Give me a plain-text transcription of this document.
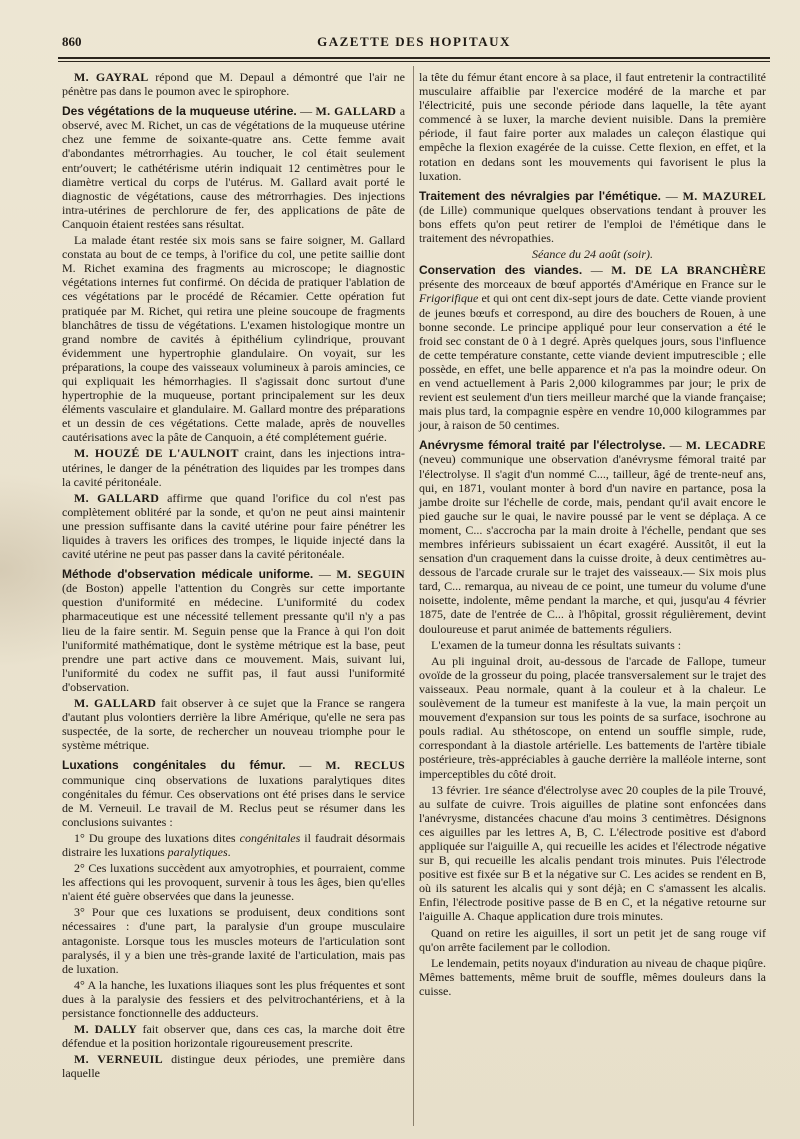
860	GAZETTE DES HOPITAUX

M. GAYRAL répond que M. Depaul a démontré que l'air ne pénètre pas dans le poumon avec le spirophore.

Des végétations de la muqueuse utérine. — M. GALLARD a observé, avec M. Richet, un cas de végétations de la muqueuse utérine chez une femme de soixante-quatre ans. Cette femme avait d'abondantes métrorrhagies. Au toucher, le col était seulement entr'ouvert; le cathétérisme utérin indiquait 12 centimètres pour le diamètre vertical du corps de l'utérus. M. Gallard avait porté le diagnostic de végétations, cause des métrorrhagies. Des injections intra-utérines de perchlorure de fer, des applications de pâte de Canquoin étaient restées sans résultat.

La malade étant restée six mois sans se faire soigner, M. Gallard constata au bout de ce temps, à l'orifice du col, une petite saillie dont M. Richet examina des fragments au microscope; le diagnostic végétations internes fut confirmé. On décida de pratiquer l'ablation de ces végétations par le procédé de Récamier. Cette opération fut pratiquée par M. Richet, qui retira une pleine soucoupe de fragments blanchâtres de tissu de végétations. L'examen histologique montre un grand nombre de cavités à épithélium cylindrique, prouvant évidemment une hypertrophie glandulaire. On voyait, sur les préparations, la coupe des vaisseaux volumineux à parois amincies, ce qui expliquait les hémorrhagies. Il s'agissait donc surtout d'une hypertrophie de la muqueuse, portant principalement sur les deux éléments vasculaire et glandulaire. M. Gallard montre des préparations et un dessin de ces végétations. Cette malade, après de nouvelles cautérisations avec la pâte de Canquoin, a été complétement guérie.

M. HOUZÉ DE L'AULNOIT craint, dans les injections intra-utérines, le danger de la pénétration des liquides par les trompes dans la cavité péritonéale.

M. GALLARD affirme que quand l'orifice du col n'est pas complètement oblitéré par la sonde, et qu'on ne peut ainsi maintenir une pression suffisante dans la cavité utérine pour faire pénétrer les liquides à travers les orifices des trompes, le liquide injecté dans la cavité utérine ne peut pas passer dans la cavité péritonéale.

Méthode d'observation médicale uniforme. — M. SEGUIN (de Boston) appelle l'attention du Congrès sur cette importante question d'uniformité en médecine. L'uniformité du codex pharmaceutique est une nécessité tellement pressante qu'il n'y a pas lieu de la faire sentir. M. Seguin pense que la France à qui l'on doit l'uniformité mathématique, dont le système métrique est la base, peut prendre une part active dans ce mouvement. Mais, suivant lui, l'uniformité du codex ne suffit pas, il faut aussi l'uniformité d'observation.

M. GALLARD fait observer à ce sujet que la France se rangera d'autant plus volontiers derrière la libre Amérique, qu'elle ne sera pas suspectée, de la sorte, de rechercher un nouveau triomphe pour le système métrique.

Luxations congénitales du fémur. — M. RECLUS communique cinq observations de luxations paralytiques dites congénitales du fémur. Ces observations ont été prises dans le service de M. Verneuil. Le travail de M. Reclus peut se résumer dans les conclusions suivantes :

1° Du groupe des luxations dites congénitales il faudrait désormais distraire les luxations paralytiques.

2° Ces luxations succèdent aux amyotrophies, et pourraient, comme les affections qui les provoquent, survenir à tous les âges, bien qu'elles n'aient été guère observées que dans la jeunesse.

3° Pour que ces luxations se produisent, deux conditions sont nécessaires : d'une part, la paralysie d'un groupe musculaire antagoniste. Lorsque tous les muscles moteurs de l'articulation sont paralysés, il y a bien une très-grande laxité de l'articulation, mais pas de luxation.

4° A la hanche, les luxations iliaques sont les plus fréquentes et sont dues à la paralysie des fessiers et des pelvitrochantériens, et à la persistance fonctionnelle des adducteurs.

M. DALLY fait observer que, dans ces cas, la marche doit être défendue et la position horizontale rigoureusement prescrite.

M. VERNEUIL distingue deux périodes, une première dans laquelle

la tête du fémur étant encore à sa place, il faut entretenir la contractilité musculaire affaiblie par l'exercice modéré de la marche et par l'électricité, puis une seconde période dans laquelle, la tête ayant commencé à se luxer, la marche devient nuisible. Dans la première période, il faut faire porter aux malades un caleçon élastique qui empêche la flexion exagérée de la cuisse. Cette flexion, en effet, et la rotation en dedans sont les mouvements qui favorisent le plus la luxation.

Traitement des névralgies par l'émétique. — M. MAZUREL (de Lille) communique quelques observations tendant à prouver les bons effets qu'on peut retirer de l'emploi de l'émétique dans le traitement des névropathies.

Séance du 24 août (soir).

Conservation des viandes. — M. DE LA BRANCHÈRE présente des morceaux de bœuf apportés d'Amérique en France sur le Frigorifique et qui ont cent dix-sept jours de date. Cette viande provient de jeunes bœufs et correspond, au dire des bouchers de Rouen, à une bonne seconde. Le principe appliqué pour leur conservation a été le froid sec constant de 0 à 1 degré. Après quelques jours, sous l'influence de cette température constante, cette viande devient imputrescible ; elle possède, en effet, une belle apparence et n'a pas la moindre odeur. On en vend actuellement à Paris 2,000 kilogrammes par jour; le prix de revient est seulement d'un tiers meilleur marché que la viande française; mais plus tard, la compagnie espère en vendre 10,000 kilogrammes par jour, à raison de 50 centimes.

Anévrysme fémoral traité par l'électrolyse. — M. LECADRE (neveu) communique une observation d'anévrysme fémoral traité par l'électrolyse. Il s'agit d'un nommé C..., tailleur, âgé de trente-neuf ans, qui, en 1871, voulant monter à bord d'un navire en partance, posa la jambe droite sur l'échelle de corde, mais, pendant qu'il avait encore le pied gauche sur le quai, le navire poussé par le vent se déplaça. A ce moment, C... s'accrocha par la main droite à l'échelle, pendant que ses membres inférieurs subissaient un écart exagéré. Aussitôt, il eut la sensation d'un craquement dans la cuisse droite, à deux centimètres au-dessous de l'arcade crurale sur le trajet des vaisseaux.— Six mois plus tard, C... remarqua, au niveau de ce point, une tumeur du volume d'une noisette, indolente, même pendant la marche, et qui, jusqu'au 4 février 1875, date de l'entrée de C... à l'hôpital, grossit régulièrement, devint douloureuse et parut animée de battements réguliers.

L'examen de la tumeur donna les résultats suivants :

Au pli inguinal droit, au-dessous de l'arcade de Fallope, tumeur ovoïde de la grosseur du poing, placée transversalement sur le trajet des vaisseaux. Peau normale, quant à la couleur et à la chaleur. Le soulèvement de la tumeur est manifeste à la vue, la main perçoit un mouvement d'expansion sur tous les points de sa surface, isochrone au pouls radial. Au sthétoscope, on entend un souffle simple, rude, correspondant à la diastole artérielle. Les battements de l'artère tibiale postérieure, très-appréciables à gauche derrière la malléole interne, sont imperceptibles du côté droit.

13 février. 1re séance d'électrolyse avec 20 couples de la pile Trouvé, au sulfate de cuivre. Trois aiguilles de platine sont enfoncées dans l'anévrysme, distancées chacune d'au moins 3 centimètres. Désignons ces aiguilles par les lettres A, B, C. L'électrode positive est d'abord appliquée sur l'aiguille A, qui recueille les acides et l'électrode négative sur B, qui recueille les alcalis pendant trois minutes. Puis l'électrode positive est fixée sur B et la négative sur C. Les acides se rendent en B, où ils saturent les alcalis qui y sont déjà; en C s'amassent les alcalis. Enfin, l'électrode positive passe de B en C, et la négative retourne sur l'aiguille A. Chaque application dure trois minutes.

Quand on retire les aiguilles, il sort un petit jet de sang rouge vif qu'on arrête facilement par le collodion.

Le lendemain, petits noyaux d'induration au niveau de chaque piqûre. Mêmes battements, même bruit de souffle, mêmes douleurs dans la cuisse.
